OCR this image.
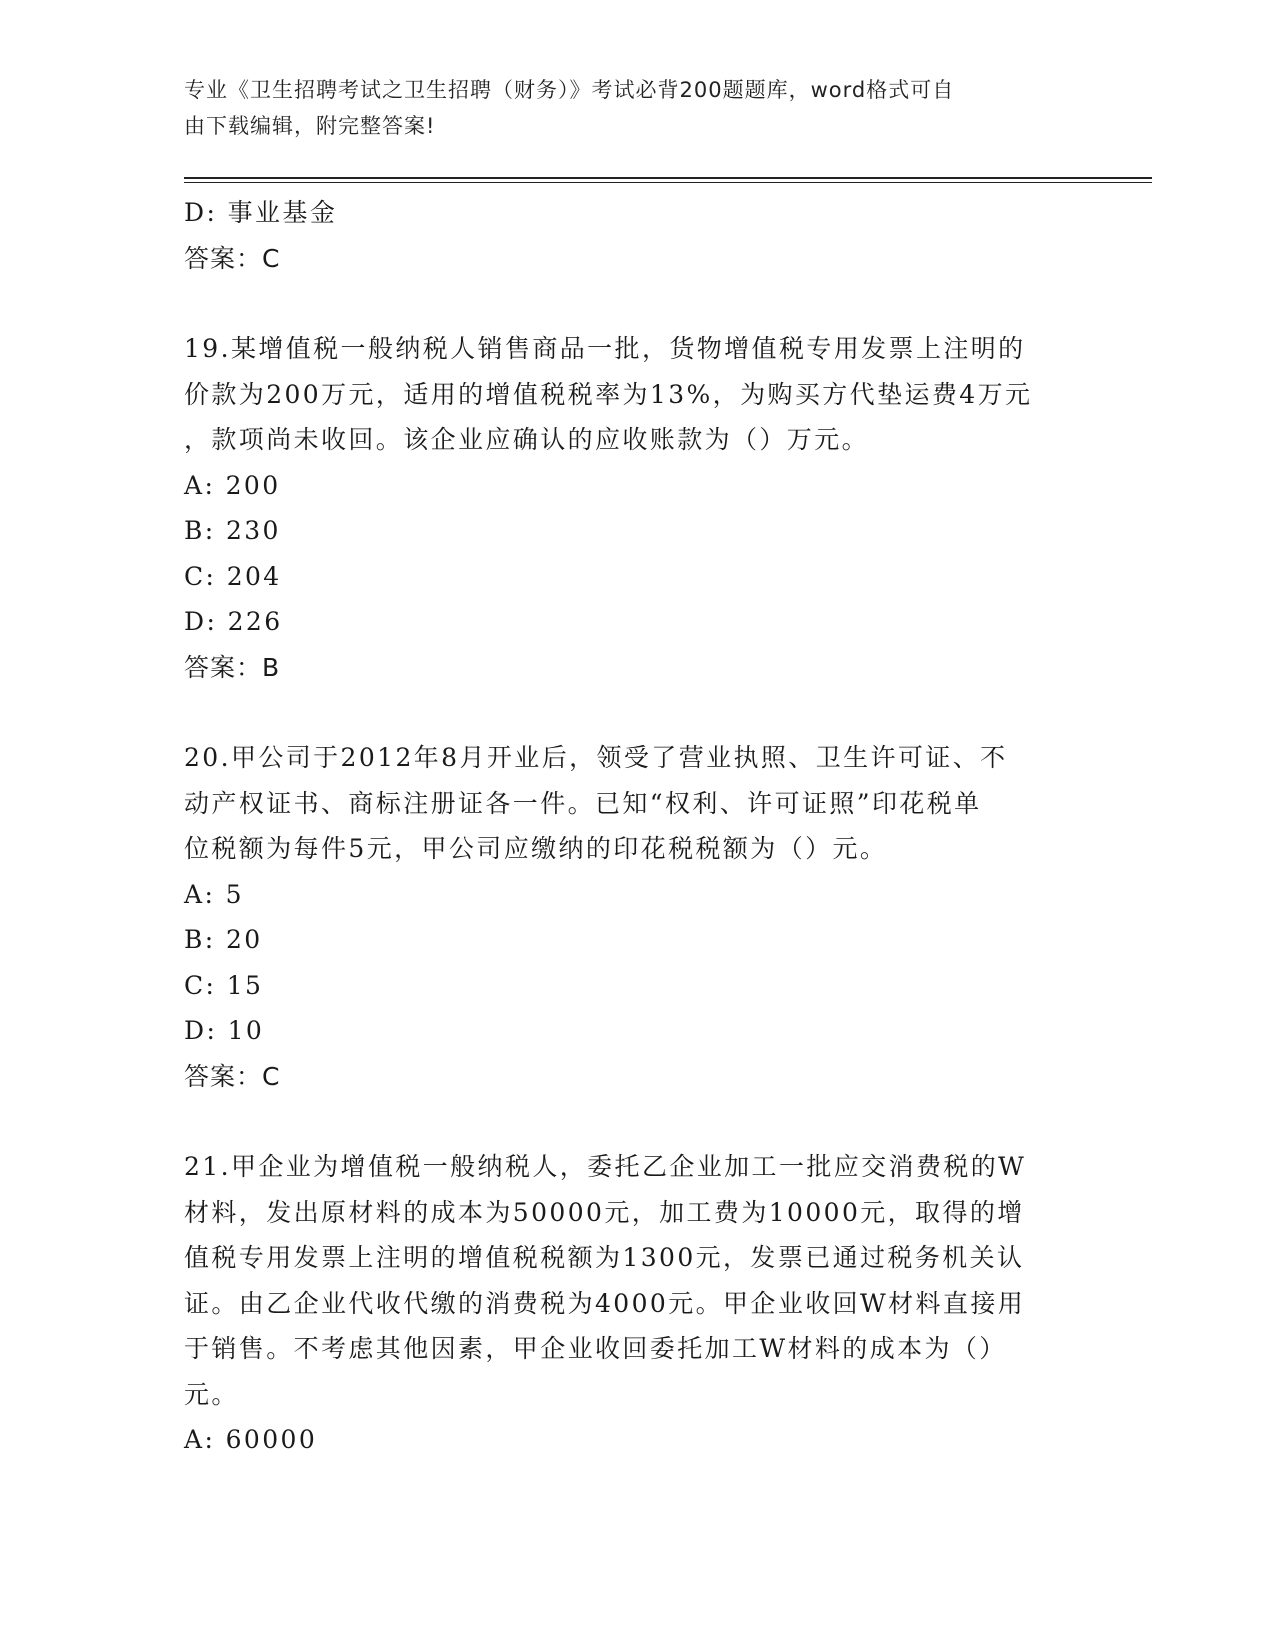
专业《卫生招聘考试之卫生招聘（财务）》考试必背200题题库，word格式可自
由下载编辑，附完整答案!
D: 事业基金
答案：C
19.某增值税一般纳税人销售商品一批，货物增值税专用发票上注明的
价款为200万元，适用的增值税税率为13%，为购买方代垫运费4万元
，款项尚未收回。该企业应确认的应收账款为（）万元。
A: 200
B: 230
C: 204
D: 226
答案：B
20.甲公司于2012年8月开业后，领受了营业执照、卫生许可证、不
动产权证书、商标注册证各一件。已知“权利、许可证照”印花税单
位税额为每件5元，甲公司应缴纳的印花税税额为（）元。
A: 5
B: 20
C: 15
D: 10
答案：C
21.甲企业为增值税一般纳税人，委托乙企业加工一批应交消费税的W
材料，发出原材料的成本为50000元，加工费为10000元，取得的增
值税专用发票上注明的增值税税额为1300元，发票已通过税务机关认
证。由乙企业代收代缴的消费税为4000元。甲企业收回W材料直接用
于销售。不考虑其他因素，甲企业收回委托加工W材料的成本为（）
元。
A: 60000
